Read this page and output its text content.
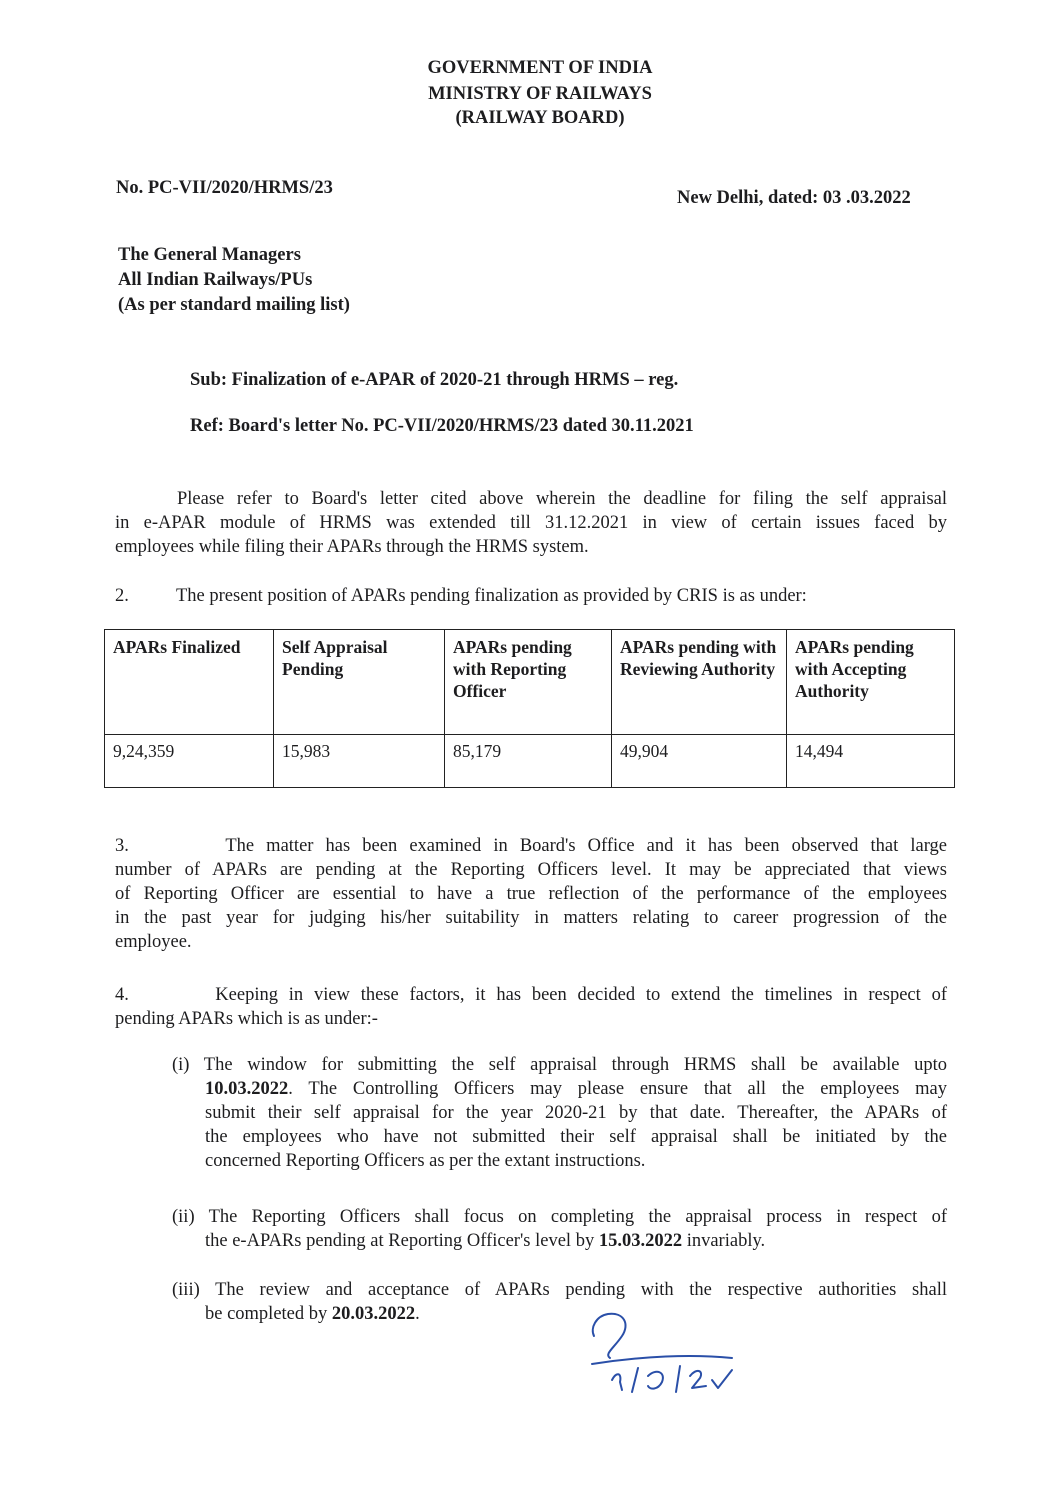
GOVERNMENT OF INDIA
MINISTRY OF RAILWAYS
(RAILWAY BOARD)
No. PC-VII/2020/HRMS/23	New Delhi, dated: 03 .03.2022
The General Managers
All Indian Railways/PUs
(As per standard mailing list)
Sub: Finalization of e-APAR of 2020-21 through HRMS – reg.
Ref: Board's letter No. PC-VII/2020/HRMS/23 dated 30.11.2021
Please refer to Board's letter cited above wherein the deadline for filing the self appraisal
in e-APAR module of HRMS was extended till 31.12.2021 in view of certain issues faced by
employees while filing their APARs through the HRMS system.
2.	The present position of APARs pending finalization as provided by CRIS is as under:
APARs Finalized	Self Appraisal Pending	APARs pending with Reporting Officer	APARs pending with Reviewing Authority	APARs pending with Accepting Authority
9,24,359	15,983	85,179	49,904	14,494
3.        The matter has been examined in Board's Office and it has been observed that large
number of APARs are pending at the Reporting Officers level. It may be appreciated that views
of Reporting Officer are essential to have a true reflection of the performance of the employees
in the past year for judging his/her suitability in matters relating to career progression of the
employee.
4.        Keeping in view these factors, it has been decided to extend the timelines in respect of
pending APARs which is as under:-
(i) The window for submitting the self appraisal through HRMS shall be available upto
10.03.2022. The Controlling Officers may please ensure that all the employees may
submit their self appraisal for the year 2020-21 by that date. Thereafter, the APARs of
the employees who have not submitted their self appraisal shall be initiated by the
concerned Reporting Officers as per the extant instructions.
(ii) The Reporting Officers shall focus on completing the appraisal process in respect of
the e-APARs pending at Reporting Officer's level by 15.03.2022 invariably.
(iii) The review and acceptance of APARs pending with the respective authorities shall
be completed by 20.03.2022.
